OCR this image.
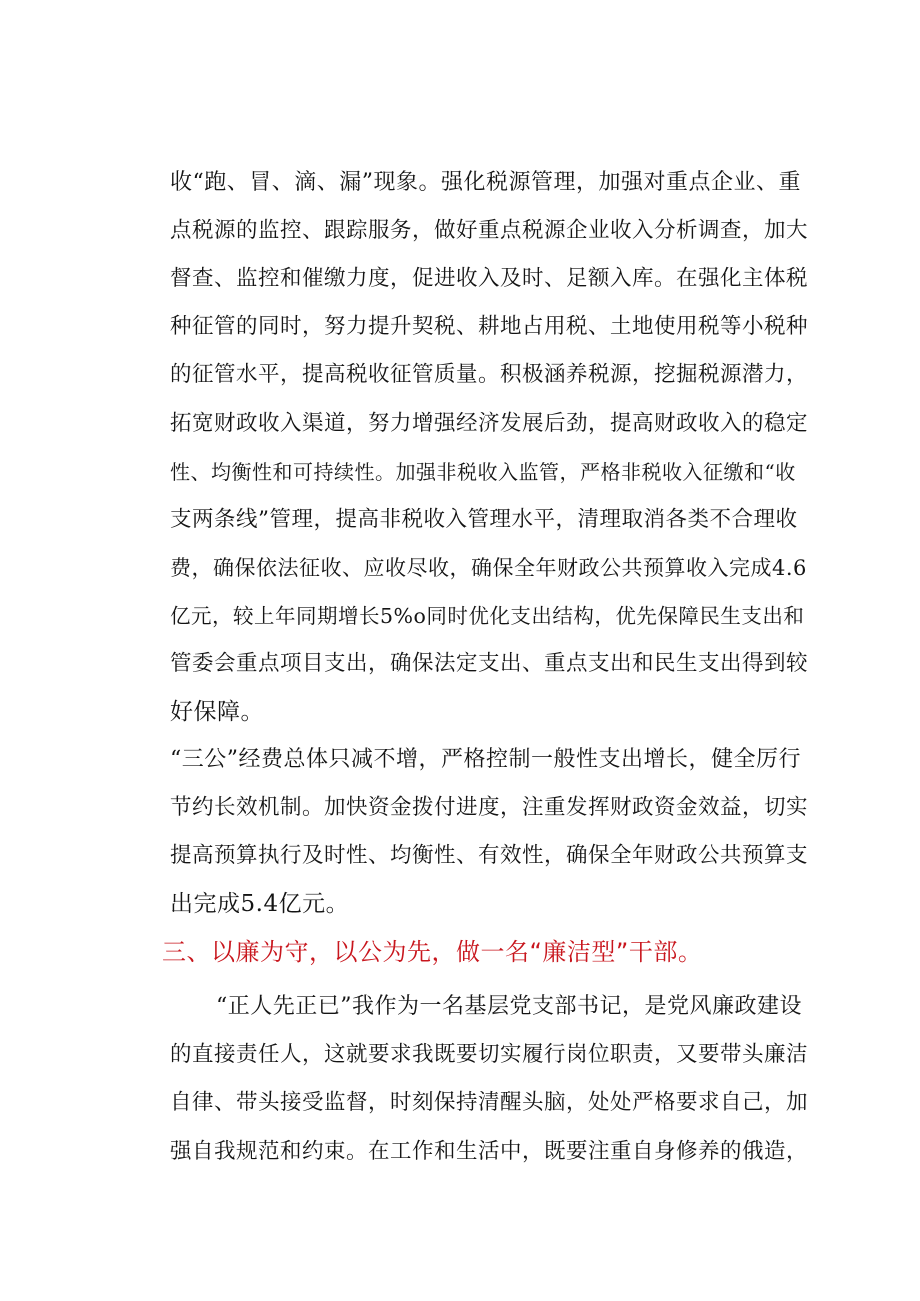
收“跑、冒、滴、漏”现象。强化税源管理，加强对重点企业、重
点税源的监控、跟踪服务，做好重点税源企业收入分析调查，加大
督查、监控和催缴力度，促进收入及时、足额入库。在强化主体税
种征管的同时，努力提升契税、耕地占用税、土地使用税等小税种
的征管水平，提高税收征管质量。积极涵养税源，挖掘税源潜力，
拓宽财政收入渠道，努力增强经济发展后劲，提高财政收入的稳定
性、均衡性和可持续性。加强非税收入监管，严格非税收入征缴和“收
支两条线”管理，提高非税收入管理水平，清理取消各类不合理收
费，确保依法征收、应收尽收，确保全年财政公共预算收入完成4.6
亿元，较上年同期增长5%o同时优化支出结构，优先保障民生支出和
管委会重点项目支出，确保法定支出、重点支出和民生支出得到较
好保障。
“三公”经费总体只减不增，严格控制一般性支出增长，健全厉行
节约长效机制。加快资金拨付进度，注重发挥财政资金效益，切实
提高预算执行及时性、均衡性、有效性，确保全年财政公共预算支
出完成5.4亿元。
三、以廉为守，以公为先，做一名“廉洁型”干部。
“正人先正已”我作为一名基层党支部书记，是党风廉政建设
的直接责任人，这就要求我既要切实履行岗位职责，又要带头廉洁
自律、带头接受监督，时刻保持清醒头脑，处处严格要求自己，加
强自我规范和约束。在工作和生活中，既要注重自身修养的俄造，
